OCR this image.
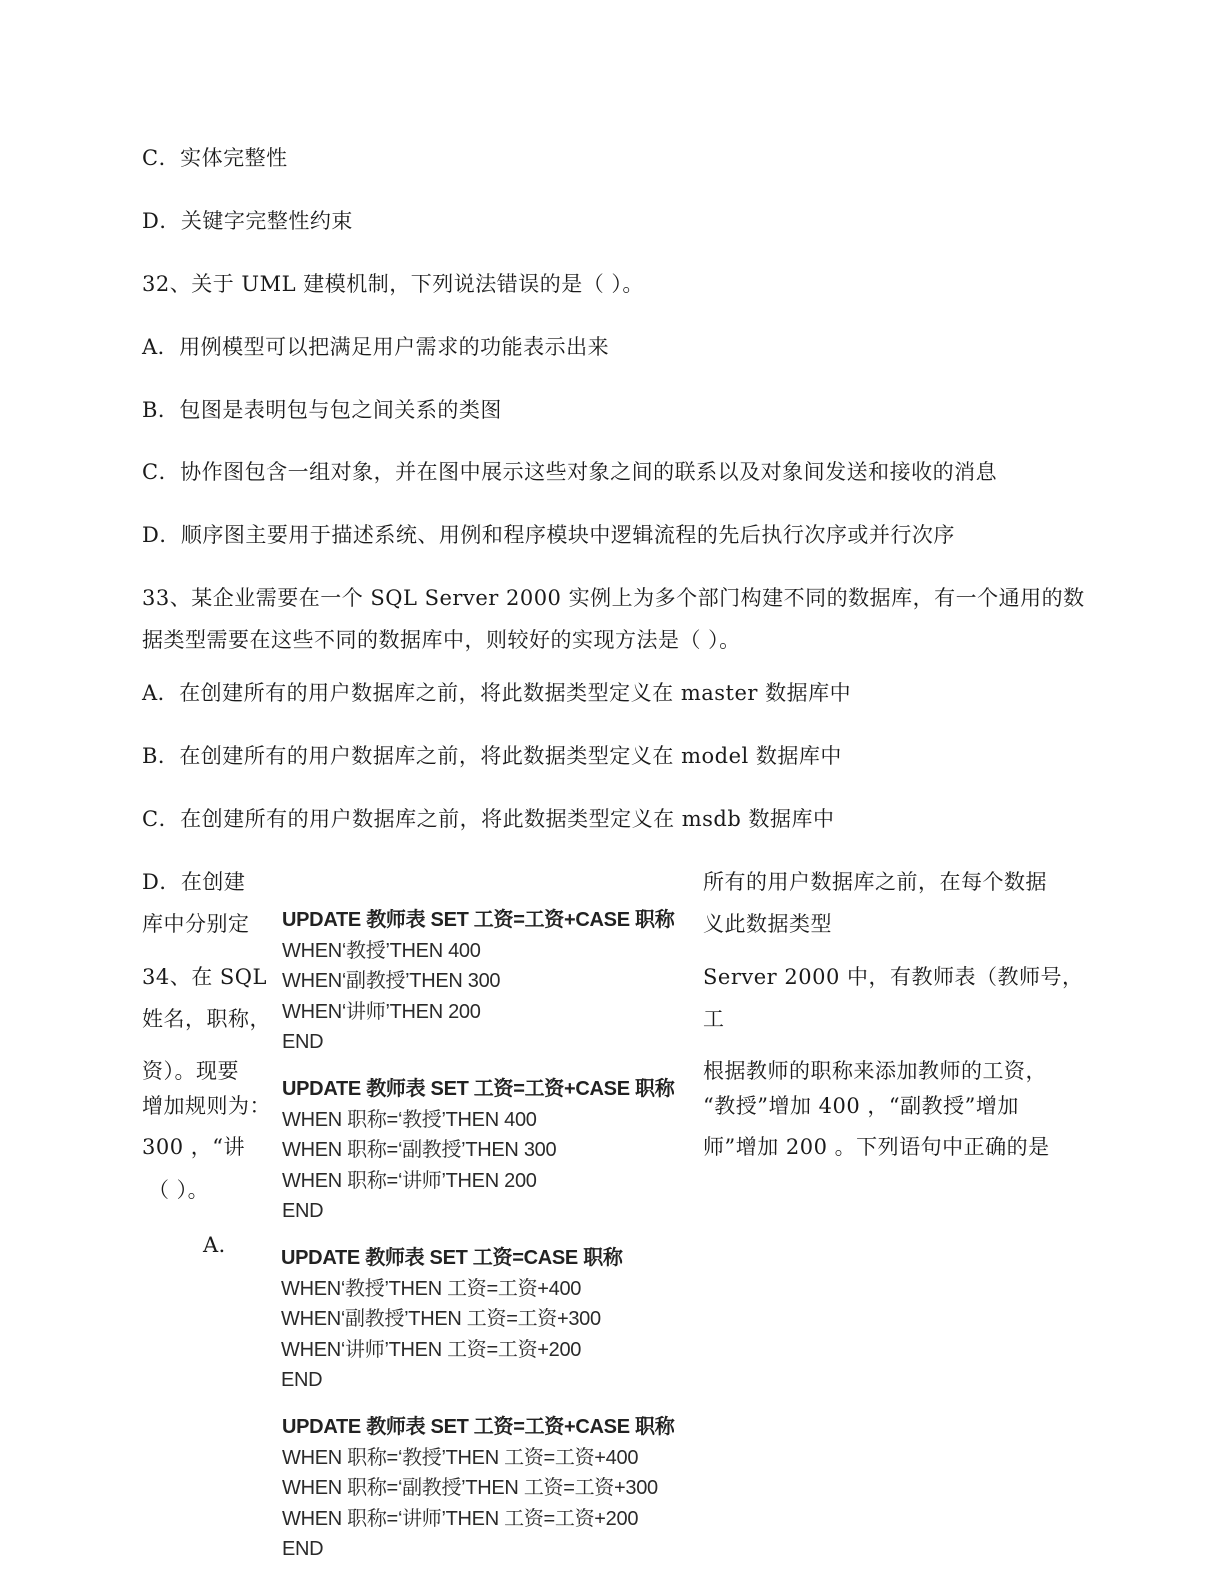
C．实体完整性
D．关键字完整性约束
32、关于 UML 建模机制，下列说法错误的是（ ）。
A．用例模型可以把满足用户需求的功能表示出来
B．包图是表明包与包之间关系的类图
C．协作图包含一组对象，并在图中展示这些对象之间的联系以及对象间发送和接收的消息
D．顺序图主要用于描述系统、用例和程序模块中逻辑流程的先后执行次序或并行次序
33、某企业需要在一个 SQL Server 2000 实例上为多个部门构建不同的数据库，有一个通用的数
据类型需要在这些不同的数据库中，则较好的实现方法是（ ）。
A．在创建所有的用户数据库之前，将此数据类型定义在 master 数据库中
B．在创建所有的用户数据库之前，将此数据类型定义在 model 数据库中
C．在创建所有的用户数据库之前，将此数据类型定义在 msdb 数据库中
D．在创建
库中分别定
所有的用户数据库之前，在每个数据
义此数据类型
34、在 SQL
姓名，职称，
资）。现要
增加规则为：
300 ，“讲
（ ）。
A．
Server 2000 中，有教师表（教师号，
工
根据教师的职称来添加教师的工资，
“教授”增加 400 ，“副教授”增加
师”增加 200 。下列语句中正确的是
UPDATE 教师表 SET 工资=工资+CASE 职称
WHEN‘教授’THEN 400
WHEN‘副教授’THEN 300
WHEN‘讲师’THEN 200
END
UPDATE 教师表 SET 工资=工资+CASE 职称
WHEN 职称=‘教授’THEN 400
WHEN 职称=‘副教授’THEN 300
WHEN 职称=‘讲师’THEN 200
END
UPDATE 教师表 SET 工资=CASE 职称
WHEN‘教授’THEN 工资=工资+400
WHEN‘副教授’THEN 工资=工资+300
WHEN‘讲师’THEN 工资=工资+200
END
UPDATE 教师表 SET 工资=工资+CASE 职称
WHEN 职称=‘教授’THEN 工资=工资+400
WHEN 职称=‘副教授’THEN 工资=工资+300
WHEN 职称=‘讲师’THEN 工资=工资+200
END
